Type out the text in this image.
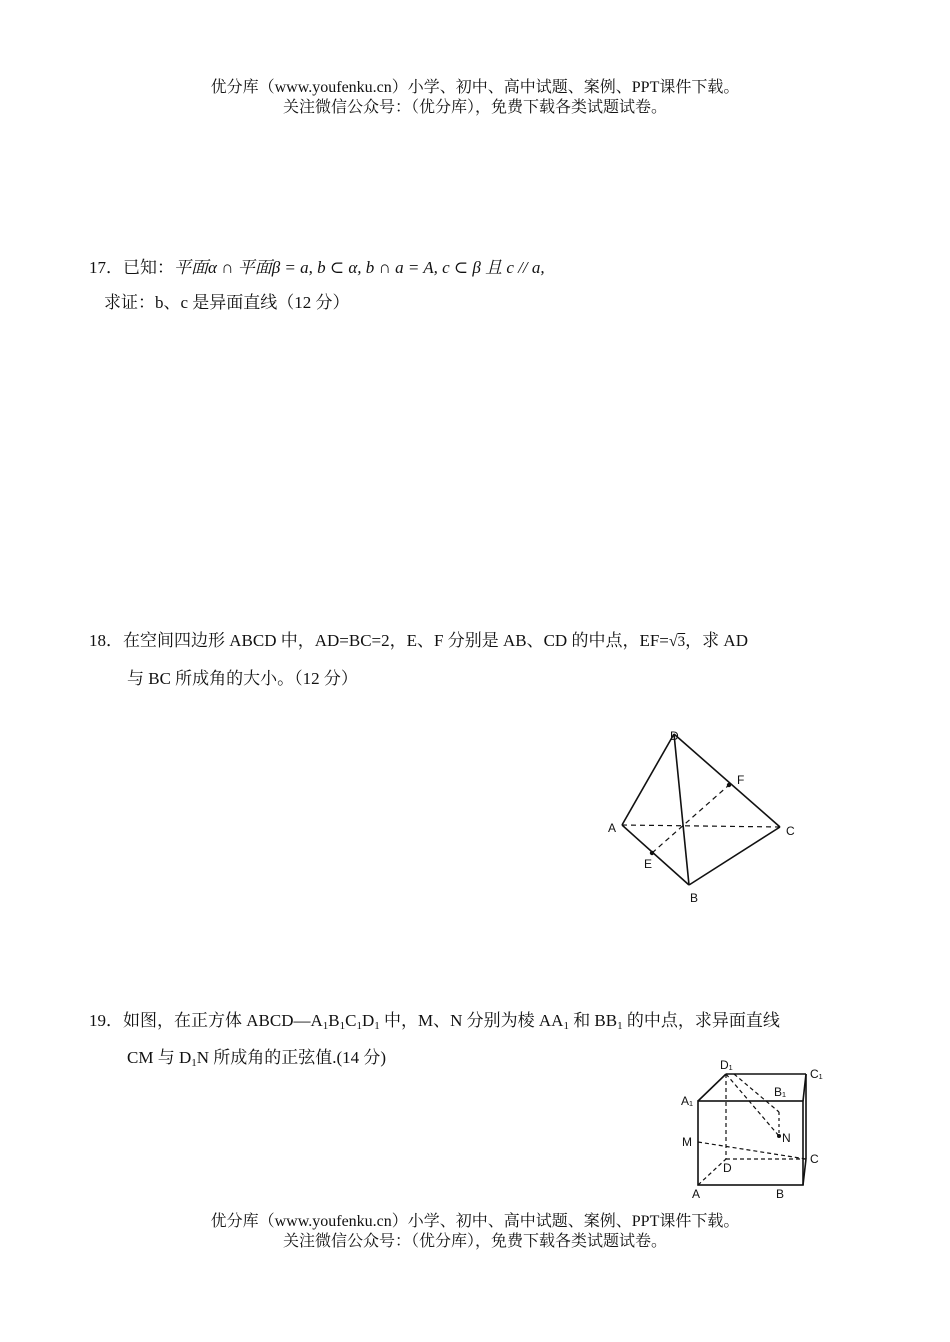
优分库（www.youfenku.cn）小学、初中、高中试题、案例、PPT课件下载。
关注微信公众号：（优分库），免费下载各类试题试卷。
17．已知：平面α ∩ 平面β = a, b ⊂ α, b ∩ a = A, c ⊂ β 且 c // a,
求证：b、c 是异面直线（12 分）
18．在空间四边形 ABCD 中，AD=BC=2，E、F 分别是 AB、CD 的中点，EF=√3，求 AD
与 BC 所成角的大小。（12 分）
D
F
A	C
E
B
19．如图，在正方体 $ABCD—A_1B_1C_1D_1$ 中，M、N 分别为棱 $AA_1$ 和 $BB_1$ 的中点，求异面直线
CM 与 $D_1N$ 所成角的正弦值.(14 分)	D₁
C₁
A₁
B₁
M	N
D
C
A	B
优分库（www.youfenku.cn）小学、初中、高中试题、案例、PPT课件下载。
关注微信公众号：（优分库），免费下载各类试题试卷。
